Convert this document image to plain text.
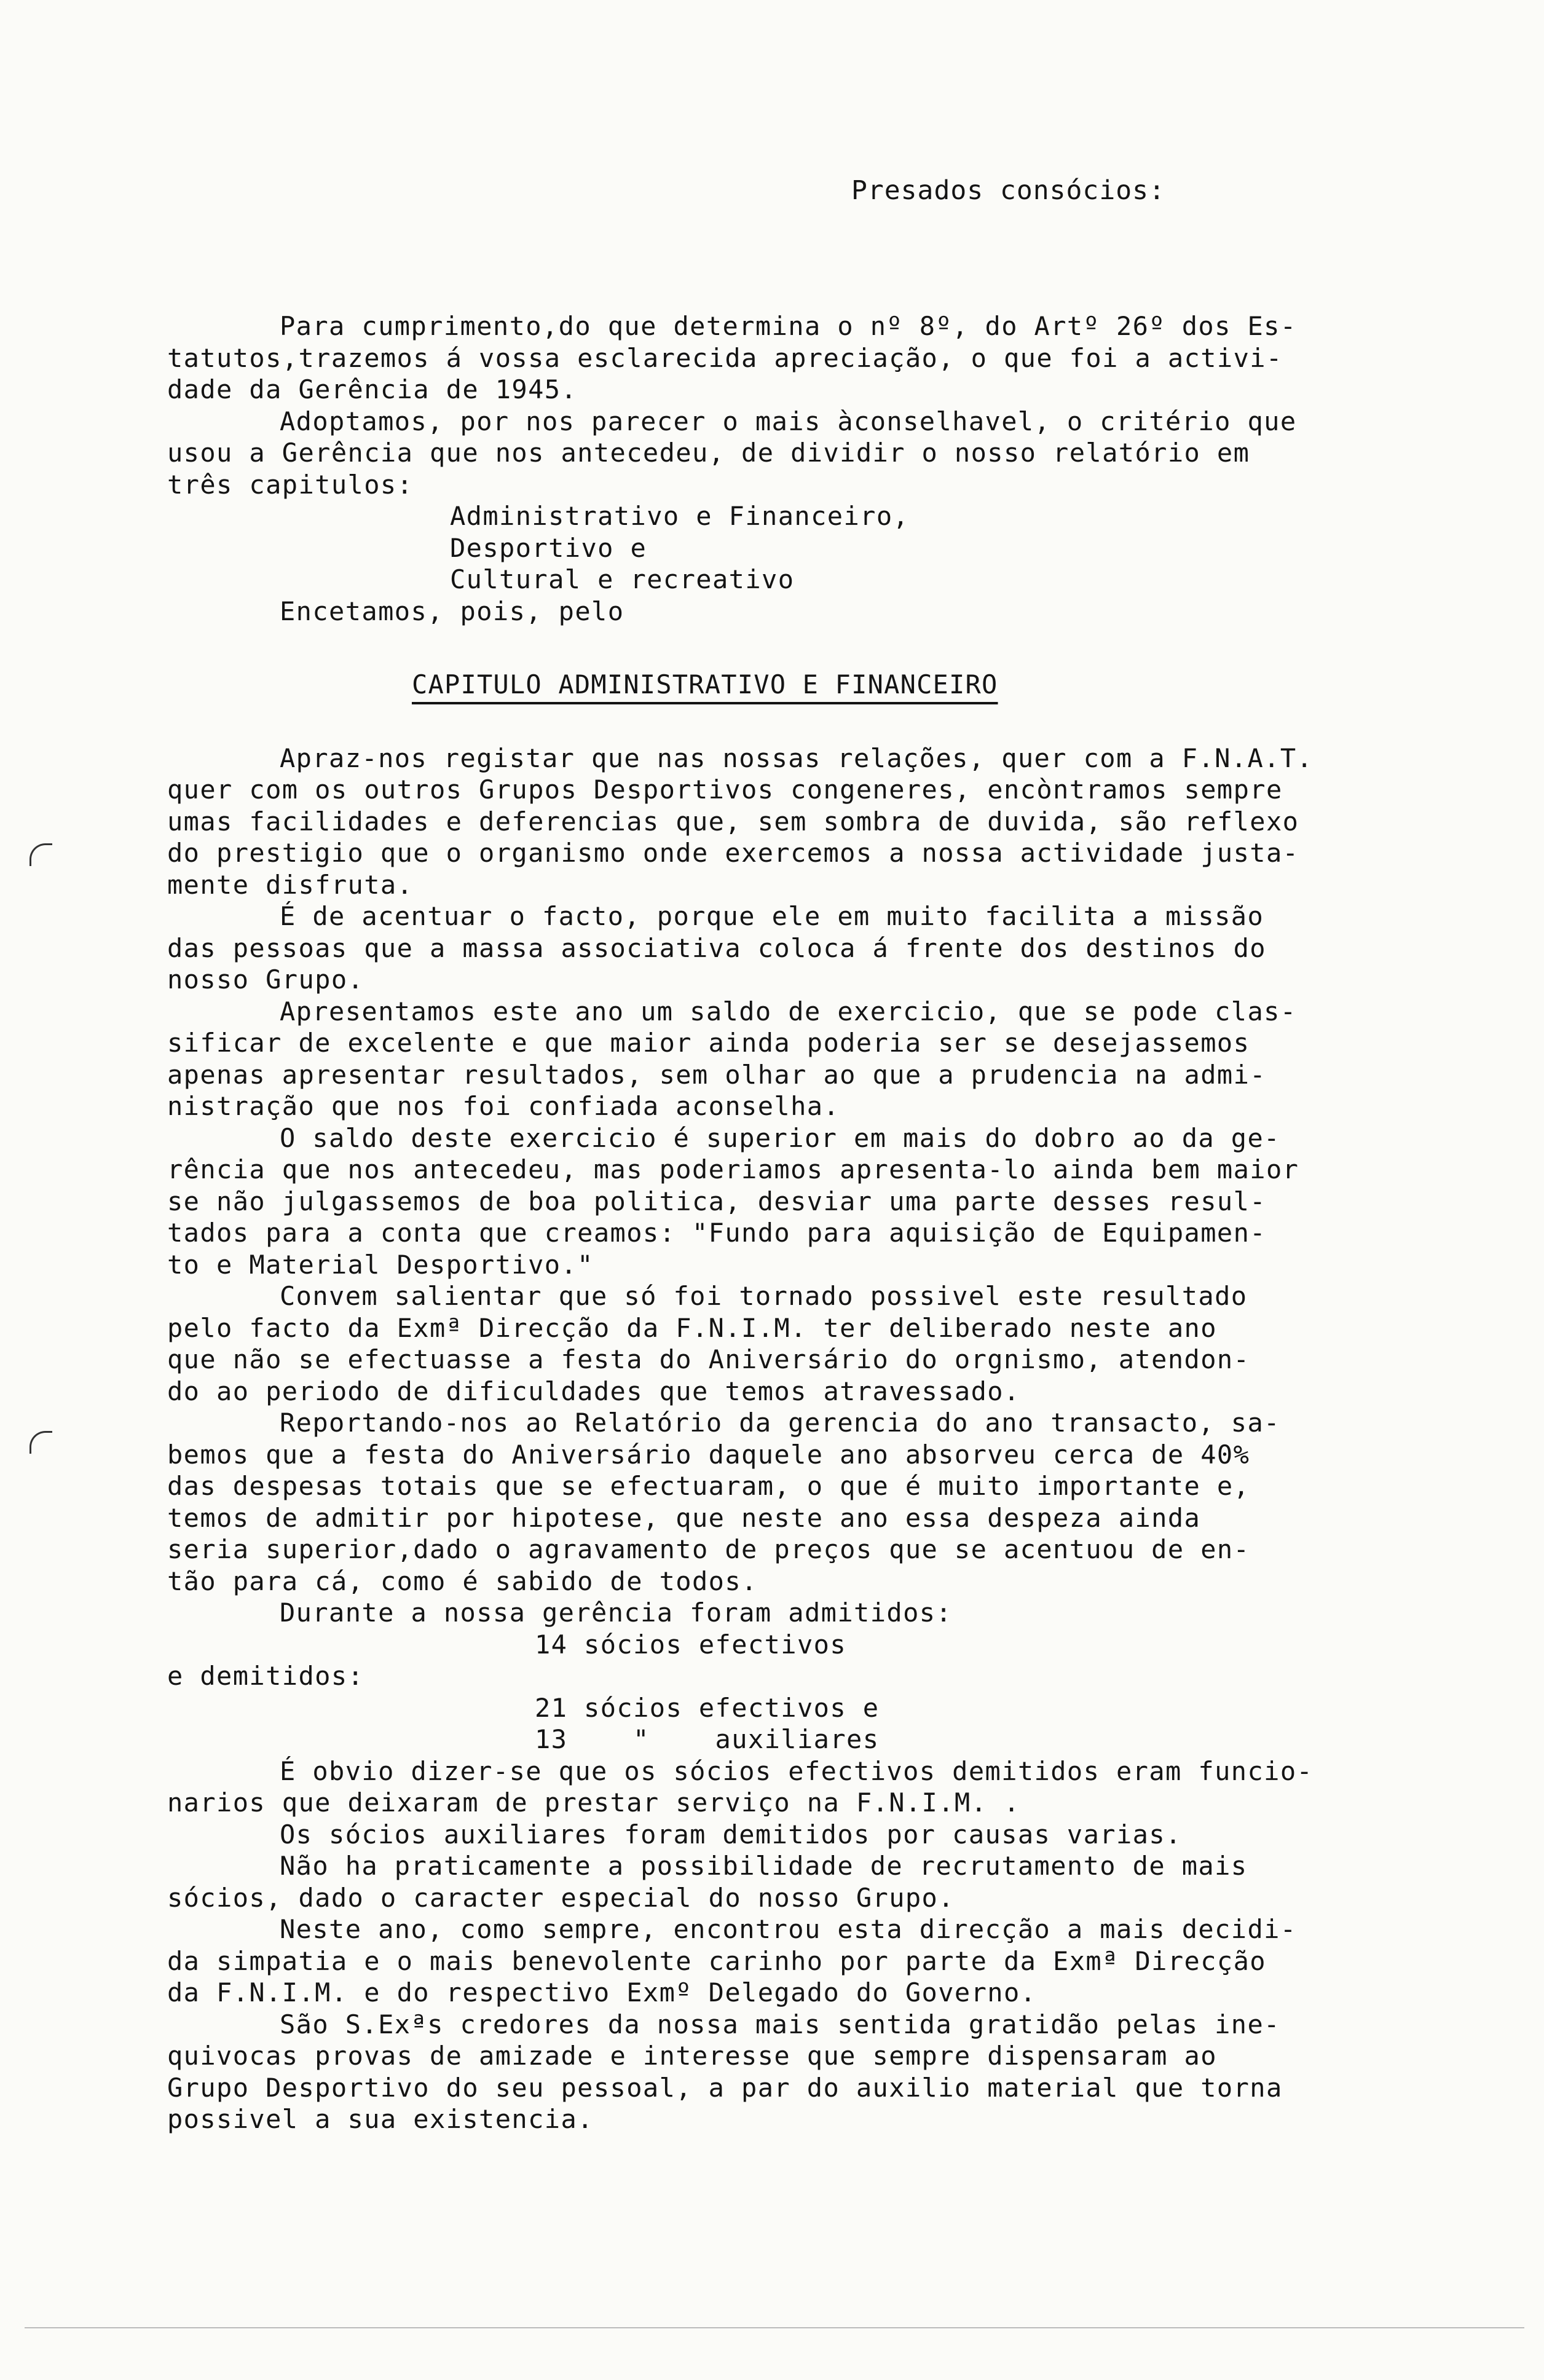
Presados consócios:
Para cumprimento,do que determina o nº 8º, do Artº 26º dos Es-
tatutos,trazemos á vossa esclarecida apreciação, o que foi a activi-
dade da Gerência de 1945.
Adoptamos, por nos parecer o mais àconselhavel, o critério que
usou a Gerência que nos antecedeu, de dividir o nosso relatório em
três capitulos:
Administrativo e Financeiro,
Desportivo e
Cultural e recreativo
Encetamos, pois, pelo
CAPITULO ADMINISTRATIVO E FINANCEIRO
Apraz-nos registar que nas nossas relações, quer com a F.N.A.T.
quer com os outros Grupos Desportivos congeneres, encòntramos sempre
umas facilidades e deferencias que, sem sombra de duvida, são reflexo
do prestigio que o organismo onde exercemos a nossa actividade justa-
mente disfruta.
É de acentuar o facto, porque ele em muito facilita a missão
das pessoas que a massa associativa coloca á frente dos destinos do
nosso Grupo.
Apresentamos este ano um saldo de exercicio, que se pode clas-
sificar de excelente e que maior ainda poderia ser se desejassemos
apenas apresentar resultados, sem olhar ao que a prudencia na admi-
nistração que nos foi confiada aconselha.
O saldo deste exercicio é superior em mais do dobro ao da ge-
rência que nos antecedeu, mas poderiamos apresenta-lo ainda bem maior
se não julgassemos de boa politica, desviar uma parte desses resul-
tados para a conta que creamos: "Fundo para aquisição de Equipamen-
to e Material Desportivo."
Convem salientar que só foi tornado possivel este resultado
pelo facto da Exmª Direcção da F.N.I.M. ter deliberado neste ano
que não se efectuasse a festa do Aniversário do orgnismo, atendon-
do ao periodo de dificuldades que temos atravessado.
Reportando-nos ao Relatório da gerencia do ano transacto, sa-
bemos que a festa do Aniversário daquele ano absorveu cerca de 40%
das despesas totais que se efectuaram, o que é muito importante e,
temos de admitir por hipotese, que neste ano essa despeza ainda
seria superior,dado o agravamento de preços que se acentuou de en-
tão para cá, como é sabido de todos.
Durante a nossa gerência foram admitidos:
14 sócios efectivos
e demitidos:
21 sócios efectivos e
13    "    auxiliares
É obvio dizer-se que os sócios efectivos demitidos eram funcio-
narios que deixaram de prestar serviço na F.N.I.M. .
Os sócios auxiliares foram demitidos por causas varias.
Não ha praticamente a possibilidade de recrutamento de mais
sócios, dado o caracter especial do nosso Grupo.
Neste ano, como sempre, encontrou esta direcção a mais decidi-
da simpatia e o mais benevolente carinho por parte da Exmª Direcção
da F.N.I.M. e do respectivo Exmº Delegado do Governo.
São S.Exªs credores da nossa mais sentida gratidão pelas ine-
quivocas provas de amizade e interesse que sempre dispensaram ao
Grupo Desportivo do seu pessoal, a par do auxilio material que torna
possivel a sua existencia.
